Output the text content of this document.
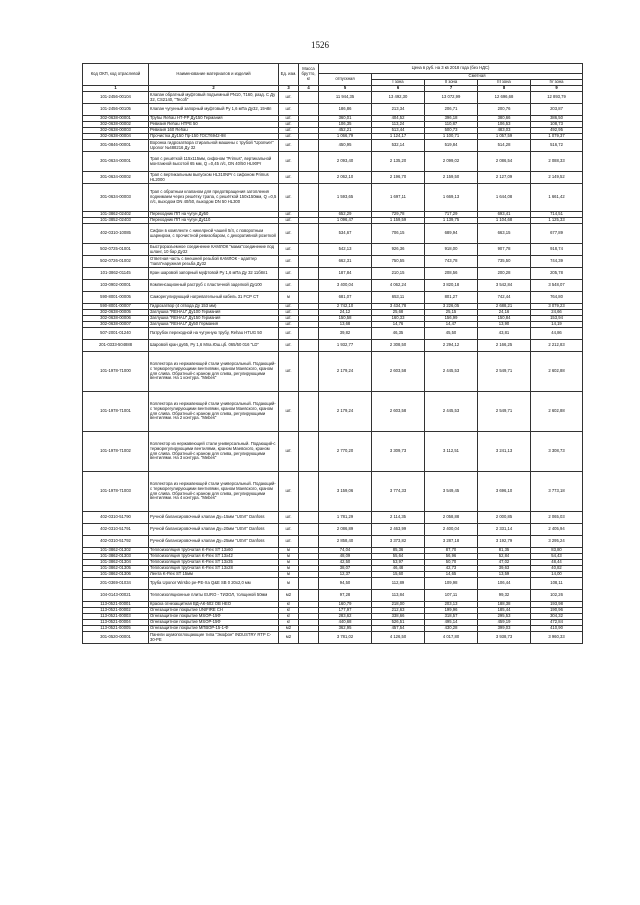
1526
Код ОКП, код отраслевой	Наименование материалов и изделий	Ед. изм.	Масса брутто, кг	Цена в руб. на 3 кв 2018 года (без НДС)				
				отпускная	Сметная			
					I зона	II зона	III зона	IV зона
1	2	3	4	5	6	7	8	9
101-2456-00104	Клапан обратный муфтовый подъемный PN10, Т160, разд. С Ду 32, CS2140, "Tecofi"	шт.		11 944,35	13 492,30	13 072,99	12 696,68	12 893,79
101-2456-00105	Клапан чугунный запорный муфтовый Ру 1,6 мПа Ду32, 15ч8п	шт.		186,86	213,34	206,71	200,76	203,87
302-0638-00001	Трубы Rehau НТ-РР Ду150 Германия	шт.		360,01	404,52	396,18	380,66	386,50
302-0638-00002	Ревизия Rehau НТРЕ 50	шт.		106,35	113,24	110,87	106,53	108,73
302-0638-00003	Ревизия 160 Rehau	шт.		452,21	513,44	500,73	483,03	492,95
302-0638-00004	Прочистка Ду150 Пр-150 ГОСТ6942-98	шт.		1 066,79	1 124,17	1 100,71	1 057,59	1 079,37
301-0846-00001	Воронка гидрозатвора стиральной машины с трубой "Uponwer" Uponor №488216 Ду 32	шт.		450,95	532,14	519,84	514,28	516,72
301-0634-00001	Трап с решёткой 115x115мм, сифоном "Primus", вертикальной монтажной высотой 65 мм, Q =0,45 л/с, DN 40/50 HL90Pr	шт.		2 093,40	2 135,20	2 099,02	2 086,54	2 088,33
301-0634-00002	Трап с вертикальным выпуском HL310NPr с сифоном Primus HL2000	шт.		2 062,10	2 196,70	2 159,50	2 127,09	2 149,52
301-0634-00003	Трап с обратным клапаном для предотвращения затопления поднимаем через решётку трапа, с решёткой 150x150мм, Q =0,5 л/с, выходом DN 40/50, выходом DN 50 HL300	шт.		1 593,65	1 697,11	1 669,13	1 644,08	1 661,42
101-3862-02402	Переходник ПП на чугун Ду50	шт.		652,29	729,78	717,29	693,41	714,51
101-3852-02403	Переходник ПП на чугун Ду110	шт.		1 096,47	1 159,59	1 139,75	1 104,68	1 125,33
402-0310-10085	Сифон в комплекте с никелрной чашей 5/4, с поворотным шарниром, с прочистной ревизобаром, с декоративной розеткой	шт.		534,67	706,15	689,94	663,15	677,89
502-0725-01001	Быстроразъемное соединение КАМЛОК "мама"соединение под шланг, 10 бар Ду32	шт.		542,13	926,36	918,00	907,78	918,74
502-0726-01002	Ответная часть с внешней резьбой КАМЛОК - адаптер "папа"наружная резьба Ду32	шт.		662,31	750,55	743,78	735,50	744,39
101-3862-01145	Кран шаровой запорный муфтовой Ру 1,6 мПа Ду 32 11б8п1	шт.		187,84	210,15	208,56	200,28	205,78
103-0902-00001	Компенсационный раструб с пластичной заделкой Ду100	шт.		3 400,04	4 062,24	3 820,18	3 542,84	3 548,07
590-8001-00005	Саморегулирующий нагревательный кабель 31 FСР СТ	м		681,07	653,11	801,27	742,44	764,80
590-8001-00007	Гидрозатвор (4 отвода Ду 153 мм)	шт.		2 742,10	3 434,78	3 226,05	2 688,21	3 079,23
302-0638-00005	Заглушка "REHAU" Ду100 Германия	шт.		24,12	25,68	25,15	24,16	24,66
302-0638-00006	Заглушка "REHAU" Ду150 Германия	шт.		150,58	160,33	156,99	150,84	153,94
302-0638-00007	Заглушка "REHAU" Ду50 Германия	шт.		13,68	14,76	14,47	13,90	14,19
507-2001-01240	Патрубок переходной на чугунную трубу, Rehau НТUG 50	шт.		39,82	46,35	45,50	43,81	44,86
201-0333-504888	Шаровой кран ду65, Ру 1,6 Мпа.Юш.цб. 065/50 016 "LD"	шт.		1 932,77	2 308,50	2 294,12	2 166,25	2 212,83
101-1978-71000	Коллектора из нержавеющей стали универсальный. Подающий-с терморегулирующими вентилями, краном Маевского, краном для слива. Обратный-с краном для слива, регулирующими вентилями. На 1 контура. "Mebes"	шт.		2 179,24	2 603,58	2 445,53	2 549,71	2 602,88
101-1978-71001	Коллектора из нержавеющей стали универсальный. Подающий-с терморегулирующими вентилями, краном Маевского, краном для слива. Обратный-с краном для слива, регулирующими вентилями. На 2 контура. "Mebes"	шт.		2 179,24	2 603,58	2 445,53	2 549,71	2 602,88
101-1978-71002	Коллектор из нержавеющей стали универсальный. Подающий-с терморегулирующими вентилями, краном Маевского, краном для слива. Обратный-с краном для слива, регулирующими вентилями. На 3 контура. "Mebes"	шт.		2 770,20	3 309,73	3 112,51	3 241,13	3 308,73
101-1978-71003	Коллектора из нержавеющей стали универсальный. Подающий-с терморегулирующими вентилями, краном Маевского, краном для слива. Обратный-с краном для слива, регулирующими вентилями. На 4 контура. "Mebes"	шт.		3 159,06	3 774,33	3 549,45	3 696,10	3 773,18
402-0310-51790	Ручной балансировочный клапан Ду=15мм "USVI" Danfoss	шт.		1 781,29	2 114,35	2 058,88	2 000,85	2 065,03
402-0310-51791	Ручной балансировочный клапан Ду=20мм "USVI" Danfoss	шт.		2 086,89	2 463,99	2 400,04	2 331,14	2 405,94
402-0310-51792	Ручной балансировочный клапан Ду=25мм "USVI" Danfoss	шт.		2 858,40	3 373,82	3 287,18	3 192,79	3 295,24
101-3862-01302	Теплоизоляция трубчатая K-Flex ST 13x60	м		74,04	85,36	87,70	81,35	83,80
101-3862-01303	Теплоизоляция трубчатая K-Flex ST 13x42	м		48,09	55,64	56,96	52,84	54,43
101-3862-01304	Теплоизоляция трубчатая K-Flex ST 13x35	м		42,50	53,97	50,70	47,02	48,44
101-3862-01305	Теплоизоляция трубчатая K-Flex ST 13x28	м		38,07	46,48	42,73	39,63	40,82
101-3862-01306	Лента K-Flex ST 15мм	м		12,37	15,60	14,65	13,59	14,00
201-0369-01034	Труба Uponor Wirsbo pe-PE-Xa Q&E SB 0 20x2,0 мм	м		94,50	112,89	109,98	106,44	108,11
104-0143-00021	Теплоизоляционные плиты EURO - ТИЗОЛ, толщиной 50мм	м2		97,28	113,84	107,11	99,32	102,26
113-0521-00001	Краска огнезащитная ВД-АК-502 ОВ НЕО	кг		160,79	218,00	203,13	188,38	193,98
113-0521-00002	Огнезащитное покрытие UNIFIRE CH	кг		177,97	212,63	199,96	185,44	190,96
113-0521-00003	Огнезащитное покрытие MSOP-15Ф	кг		283,62	338,66	318,57	295,53	304,32
113-0521-00004	Огнезащитное покрытие MSOP-15Ф	кг		440,68	526,51	495,14	459,19	472,84
113-0521-00005	Огнезащитное покрытие МПВОР-15-1-Ф	м2		362,95	457,54	430,28	399,03	410,90
301-0520-00001	Панели шумопоглощающие типа "Экофон" INDUSTRY RTP C-30-PE	м2		3 781,02	4 126,50	4 017,80	3 938,73	3 960,33
